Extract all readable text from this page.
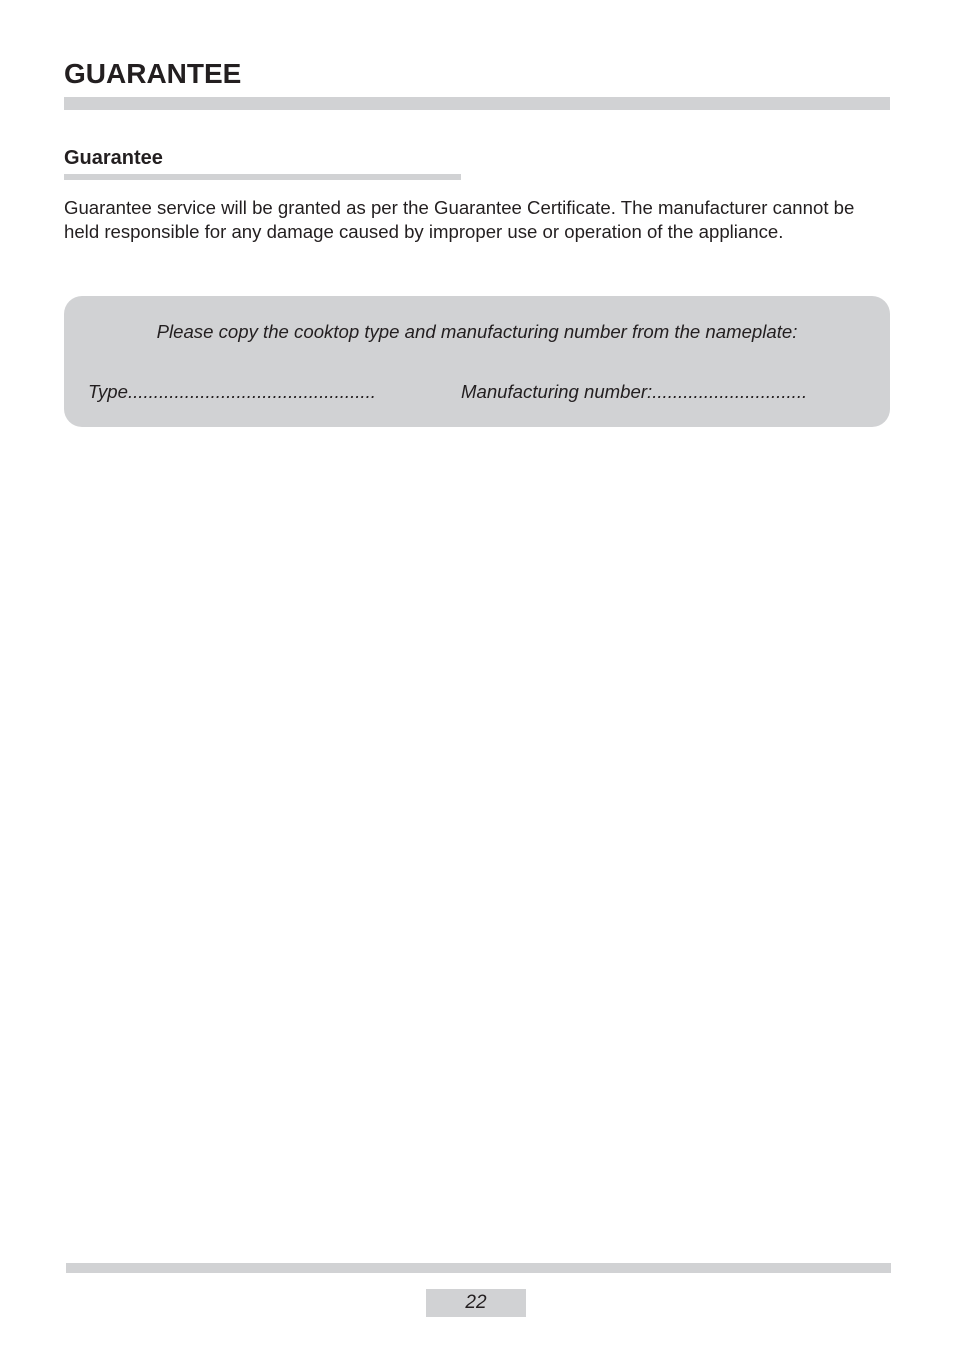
GUARANTEE
Guarantee

Guarantee service will be granted as per the Guarantee Certificate. The manufacturer cannot be held responsible for any damage caused by improper use or operation of the appliance.

Please copy the cooktop type and manufacturing number from the nameplate:

Type................................................	Manufacturing number:..............................
22
